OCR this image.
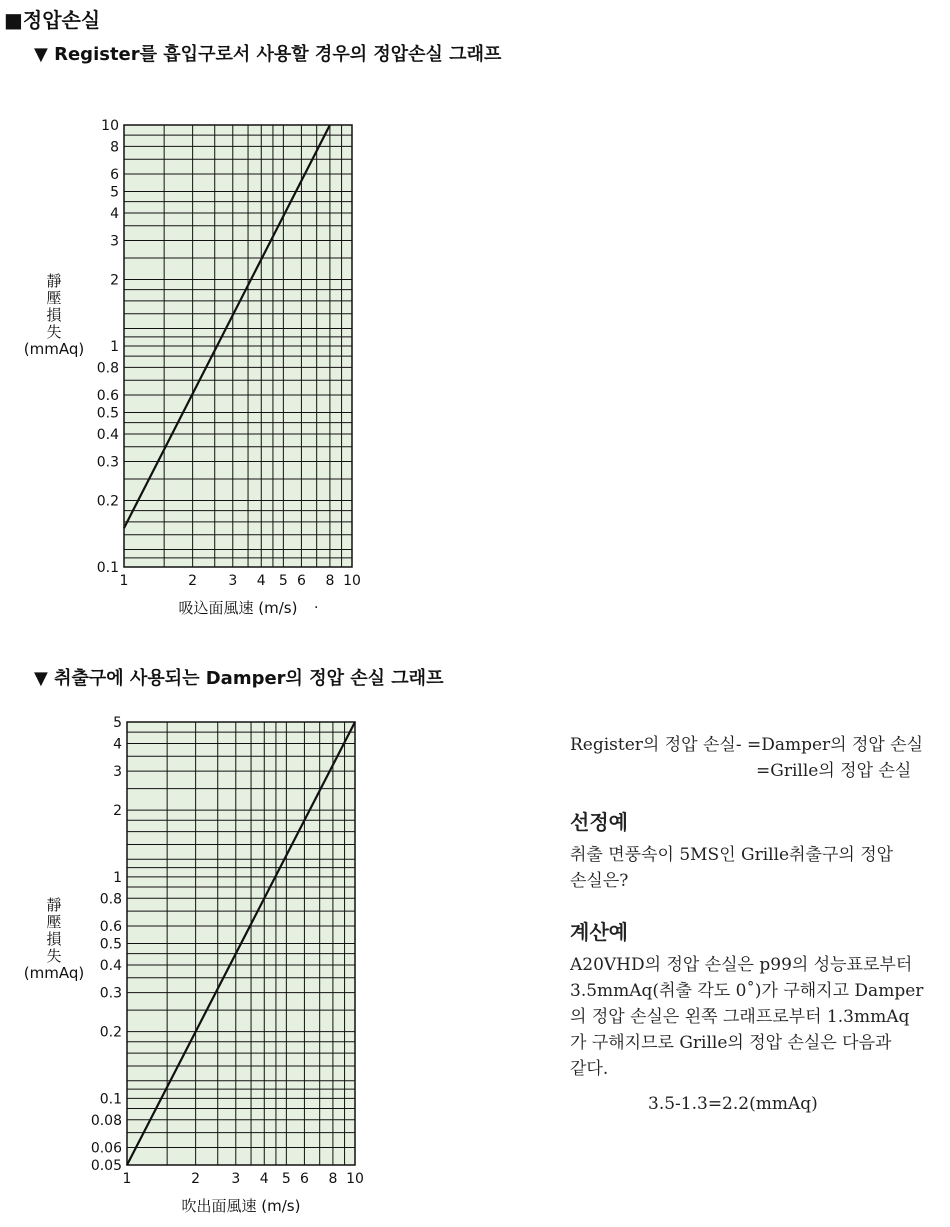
■정압손실
▼ Register를 흡입구로서 사용할 경우의 정압손실 그래프
▼ 취출구에 사용되는 Damper의 정압 손실 그래프
1	2 3 4 5 6 8 10
0.1
0.2
0.3
0.4
0.5
0.6
0.8
1
2
3
4
5
6
8
10
吸込面風速 (m/s)
靜
壓
損
失
(mmAq)
.
1	2 3 4 5 6 8 10
0.05
0.06
0.08
0.1
0.2
0.3
0.4
0.5
0.6
0.8
1
2
3
4
5
吹出面風速 (m/s)
靜
壓
損
失
(mmAq)
Register의 정압 손실- =Damper의 정압 손실
=Grille의 정압 손실
선정예
취출 면풍속이 5MS인 Grille취출구의 정압
손실은?
계산예
A20VHD의 정압 손실은 p99의 성능표로부터
3.5mmAq(취출 각도 0˚)가 구해지고 Damper
의 정압 손실은 왼쪽 그래프로부터 1.3mmAq
가 구해지므로 Grille의 정압 손실은 다음과
같다.
3.5-1.3=2.2(mmAq)
